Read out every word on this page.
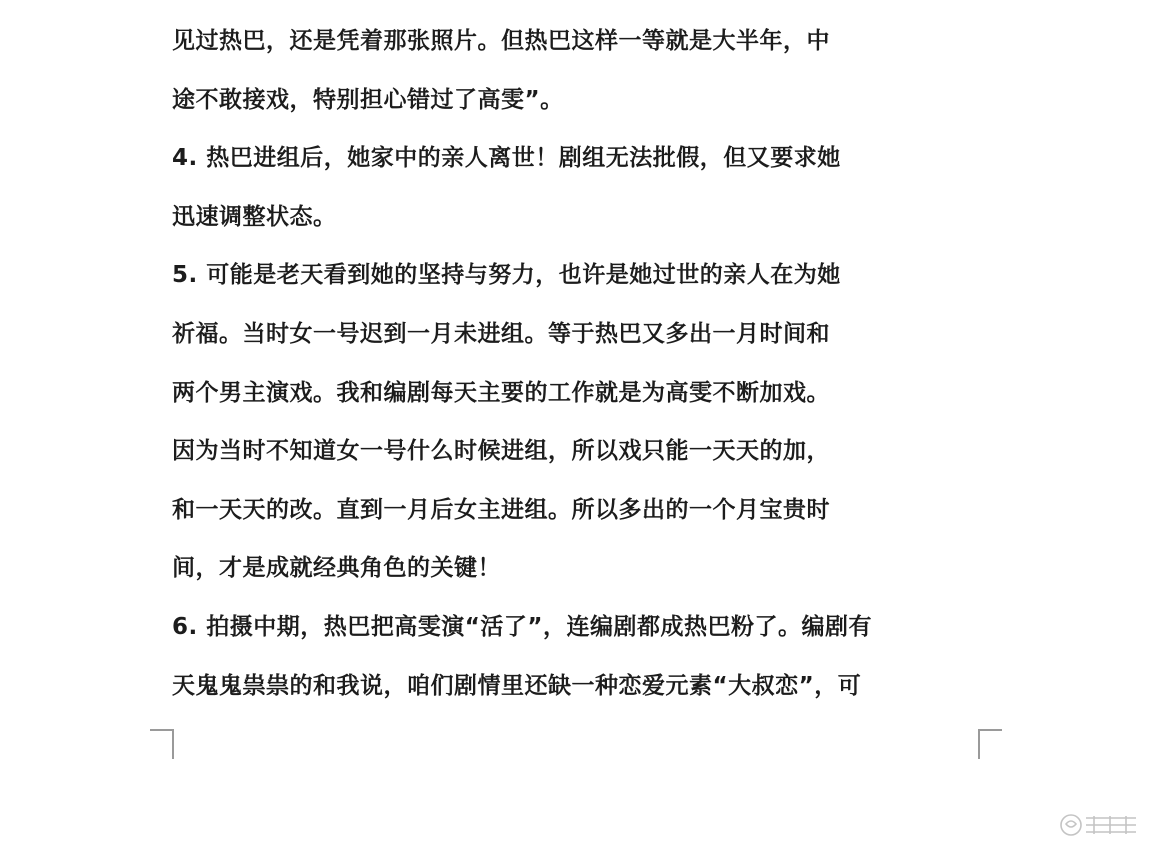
见过热巴，还是凭着那张照片。但热巴这样一等就是大半年，中
途不敢接戏，特别担心错过了高雯”。
4. 热巴进组后，她家中的亲人离世！剧组无法批假，但又要求她
迅速调整状态。
5. 可能是老天看到她的坚持与努力，也许是她过世的亲人在为她
祈福。当时女一号迟到一月未进组。等于热巴又多出一月时间和
两个男主演戏。我和编剧每天主要的工作就是为高雯不断加戏。
因为当时不知道女一号什么时候进组，所以戏只能一天天的加，
和一天天的改。直到一月后女主进组。所以多出的一个月宝贵时
间，才是成就经典角色的关键！
6. 拍摄中期，热巴把高雯演“活了”，连编剧都成热巴粉了。编剧有
天鬼鬼祟祟的和我说，咱们剧情里还缺一种恋爱元素“大叔恋”，可
